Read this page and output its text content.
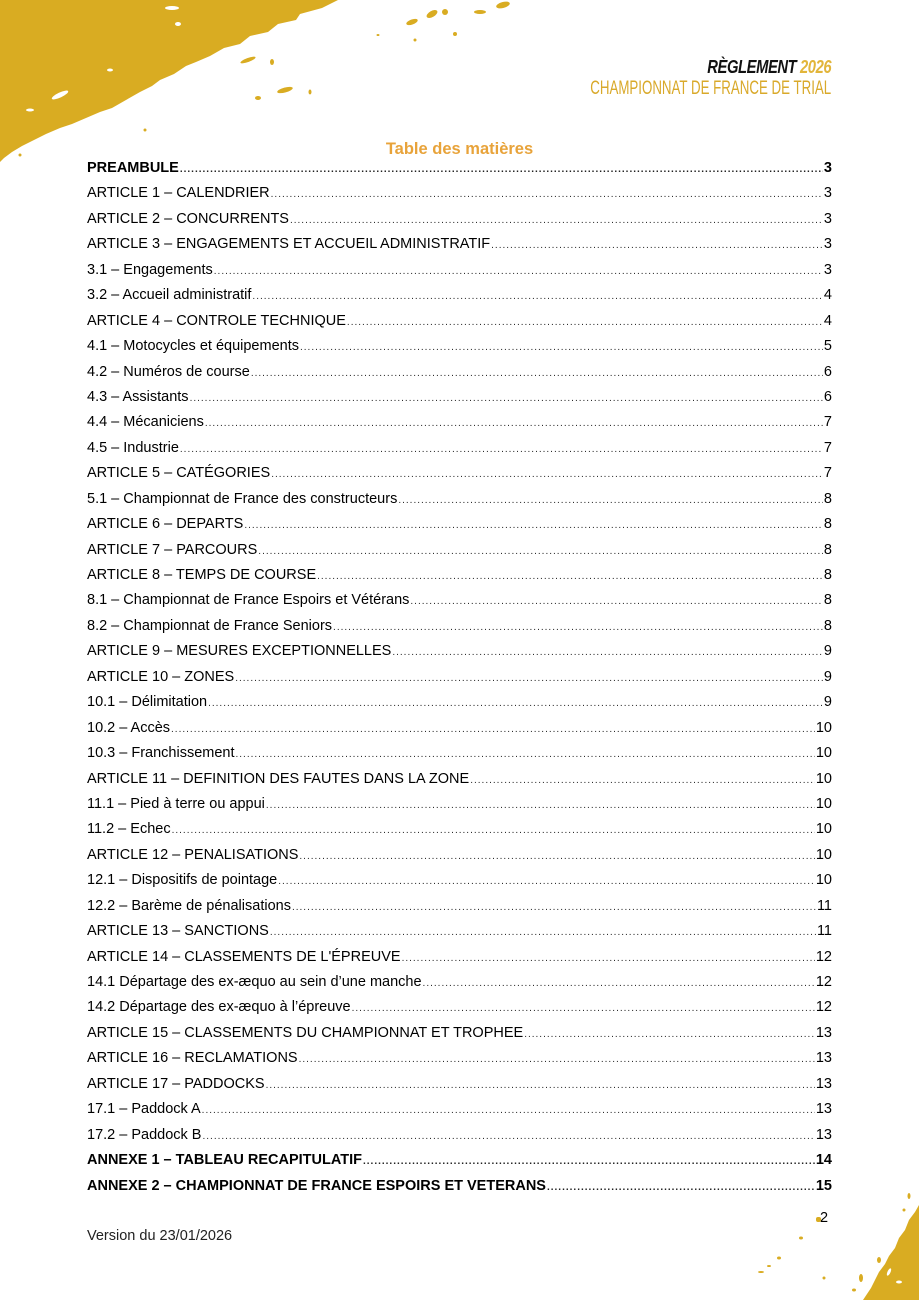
RÈGLEMENT 2026
CHAMPIONNAT DE FRANCE DE TRIAL
Table des matières
PREAMBULE .....	3
ARTICLE 1 – CALENDRIER .....	3
ARTICLE 2 – CONCURRENTS .....	3
ARTICLE 3 – ENGAGEMENTS ET ACCUEIL ADMINISTRATIF .....	3
3.1 – Engagements .....	3
3.2 – Accueil administratif .....	4
ARTICLE 4 – CONTROLE TECHNIQUE .....	4
4.1 – Motocycles et équipements .....	5
4.2 – Numéros de course .....	6
4.3 – Assistants .....	6
4.4 – Mécaniciens .....	7
4.5 – Industrie .....	7
ARTICLE 5 – CATÉGORIES .....	7
5.1 – Championnat de France des constructeurs .....	8
ARTICLE 6 – DEPARTS .....	8
ARTICLE 7 – PARCOURS .....	8
ARTICLE 8 – TEMPS DE COURSE .....	8
8.1 – Championnat de France Espoirs et Vétérans .....	8
8.2 – Championnat de France Seniors .....	8
ARTICLE 9 – MESURES EXCEPTIONNELLES .....	9
ARTICLE 10 – ZONES .....	9
10.1 – Délimitation .....	9
10.2 – Accès .....	10
10.3 – Franchissement .....	10
ARTICLE 11 – DEFINITION DES FAUTES DANS LA ZONE .....	10
11.1 – Pied à terre ou appui .....	10
11.2 – Echec .....	10
ARTICLE 12 – PENALISATIONS .....	10
12.1 – Dispositifs de pointage .....	10
12.2 – Barème de pénalisations .....	11
ARTICLE 13 – SANCTIONS .....	11
ARTICLE 14 – CLASSEMENTS DE L'ÉPREUVE .....	12
14.1 Départage des ex-æquo au sein d’une manche .....	12
14.2 Départage des ex-æquo à l’épreuve .....	12
ARTICLE 15 – CLASSEMENTS DU CHAMPIONNAT ET TROPHEE .....	13
ARTICLE 16 – RECLAMATIONS .....	13
ARTICLE 17 – PADDOCKS .....	13
17.1 – Paddock A .....	13
17.2 – Paddock B .....	13
ANNEXE 1 – TABLEAU RECAPITULATIF .....	14
ANNEXE 2 – CHAMPIONNAT DE FRANCE ESPOIRS ET VETERANS .....	15
Version du 23/01/2026
2
